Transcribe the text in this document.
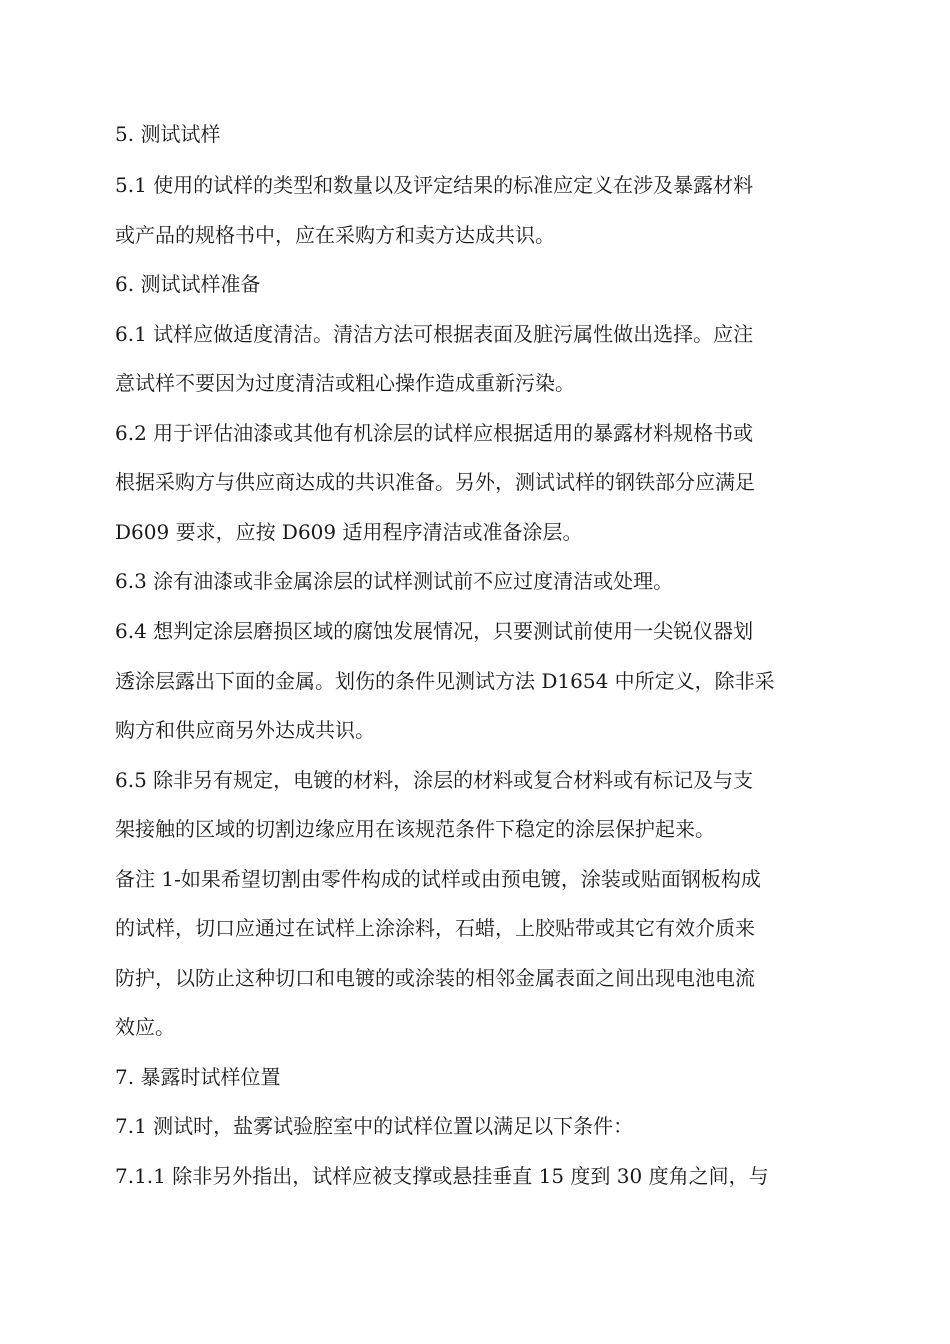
5. 测试试样

5.1 使用的试样的类型和数量以及评定结果的标准应定义在涉及暴露材料

或产品的规格书中，应在采购方和卖方达成共识。

6. 测试试样准备

6.1 试样应做适度清洁。清洁方法可根据表面及脏污属性做出选择。应注

意试样不要因为过度清洁或粗心操作造成重新污染。

6.2 用于评估油漆或其他有机涂层的试样应根据适用的暴露材料规格书或

根据采购方与供应商达成的共识准备。另外，测试试样的钢铁部分应满足

D609 要求，应按 D609 适用程序清洁或准备涂层。

6.3 涂有油漆或非金属涂层的试样测试前不应过度清洁或处理。

6.4 想判定涂层磨损区域的腐蚀发展情况，只要测试前使用一尖锐仪器划

透涂层露出下面的金属。划伤的条件见测试方法 D1654 中所定义，除非采

购方和供应商另外达成共识。

6.5 除非另有规定，电镀的材料，涂层的材料或复合材料或有标记及与支

架接触的区域的切割边缘应用在该规范条件下稳定的涂层保护起来。

备注 1-如果希望切割由零件构成的试样或由预电镀，涂装或贴面钢板构成

的试样，切口应通过在试样上涂涂料，石蜡，上胶贴带或其它有效介质来

防护，以防止这种切口和电镀的或涂装的相邻金属表面之间出现电池电流

效应。

7. 暴露时试样位置

7.1 测试时，盐雾试验腔室中的试样位置以满足以下条件：

7.1.1 除非另外指出，试样应被支撑或悬挂垂直 15 度到 30 度角之间，与
